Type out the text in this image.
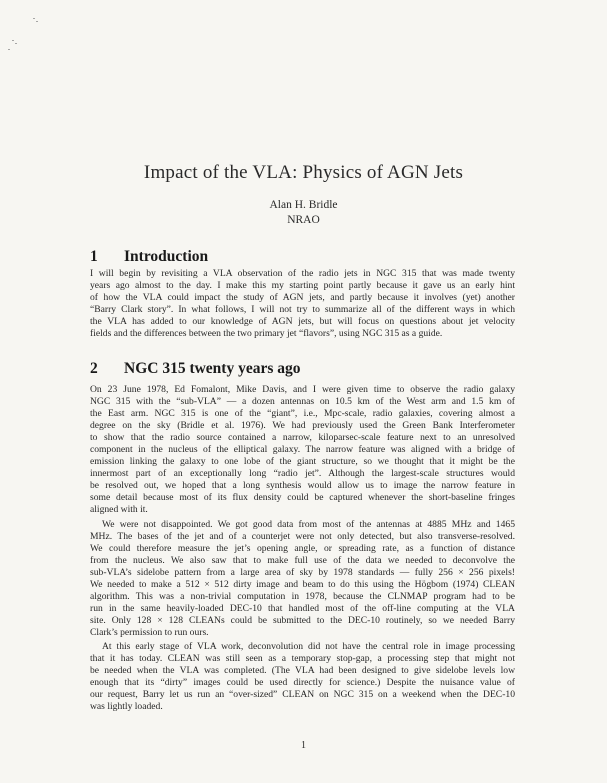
Impact of the VLA: Physics of AGN Jets
Alan H. Bridle
NRAO
1 Introduction
I will begin by revisiting a VLA observation of the radio jets in NGC 315 that was made twenty
years ago almost to the day. I make this my starting point partly because it gave us an early hint
of how the VLA could impact the study of AGN jets, and partly because it involves (yet) another
“Barry Clark story”. In what follows, I will not try to summarize all of the different ways in which
the VLA has added to our knowledge of AGN jets, but will focus on questions about jet velocity
fields and the differences between the two primary jet “flavors”, using NGC 315 as a guide.
2 NGC 315 twenty years ago
On 23 June 1978, Ed Fomalont, Mike Davis, and I were given time to observe the radio galaxy
NGC 315 with the “sub-VLA” — a dozen antennas on 10.5 km of the West arm and 1.5 km of
the East arm. NGC 315 is one of the “giant”, i.e., Mpc-scale, radio galaxies, covering almost a
degree on the sky (Bridle et al. 1976). We had previously used the Green Bank Interferometer
to show that the radio source contained a narrow, kiloparsec-scale feature next to an unresolved
component in the nucleus of the elliptical galaxy. The narrow feature was aligned with a bridge of
emission linking the galaxy to one lobe of the giant structure, so we thought that it might be the
innermost part of an exceptionally long “radio jet”. Although the largest-scale structures would
be resolved out, we hoped that a long synthesis would allow us to image the narrow feature in
some detail because most of its flux density could be captured whenever the short-baseline fringes
aligned with it.
We were not disappointed. We got good data from most of the antennas at 4885 MHz and 1465
MHz. The bases of the jet and of a counterjet were not only detected, but also transverse-resolved.
We could therefore measure the jet’s opening angle, or spreading rate, as a function of distance
from the nucleus. We also saw that to make full use of the data we needed to deconvolve the
sub-VLA’s sidelobe pattern from a large area of sky by 1978 standards — fully 256 × 256 pixels!
We needed to make a 512 × 512 dirty image and beam to do this using the Högbom (1974) CLEAN
algorithm. This was a non-trivial computation in 1978, because the CLNMAP program had to be
run in the same heavily-loaded DEC-10 that handled most of the off-line computing at the VLA
site. Only 128 × 128 CLEANs could be submitted to the DEC-10 routinely, so we needed Barry
Clark’s permission to run ours.
At this early stage of VLA work, deconvolution did not have the central role in image processing
that it has today. CLEAN was still seen as a temporary stop-gap, a processing step that might not
be needed when the VLA was completed. (The VLA had been designed to give sidelobe levels low
enough that its “dirty” images could be used directly for science.) Despite the nuisance value of
our request, Barry let us run an “over-sized” CLEAN on NGC 315 on a weekend when the DEC-10
was lightly loaded.
1
